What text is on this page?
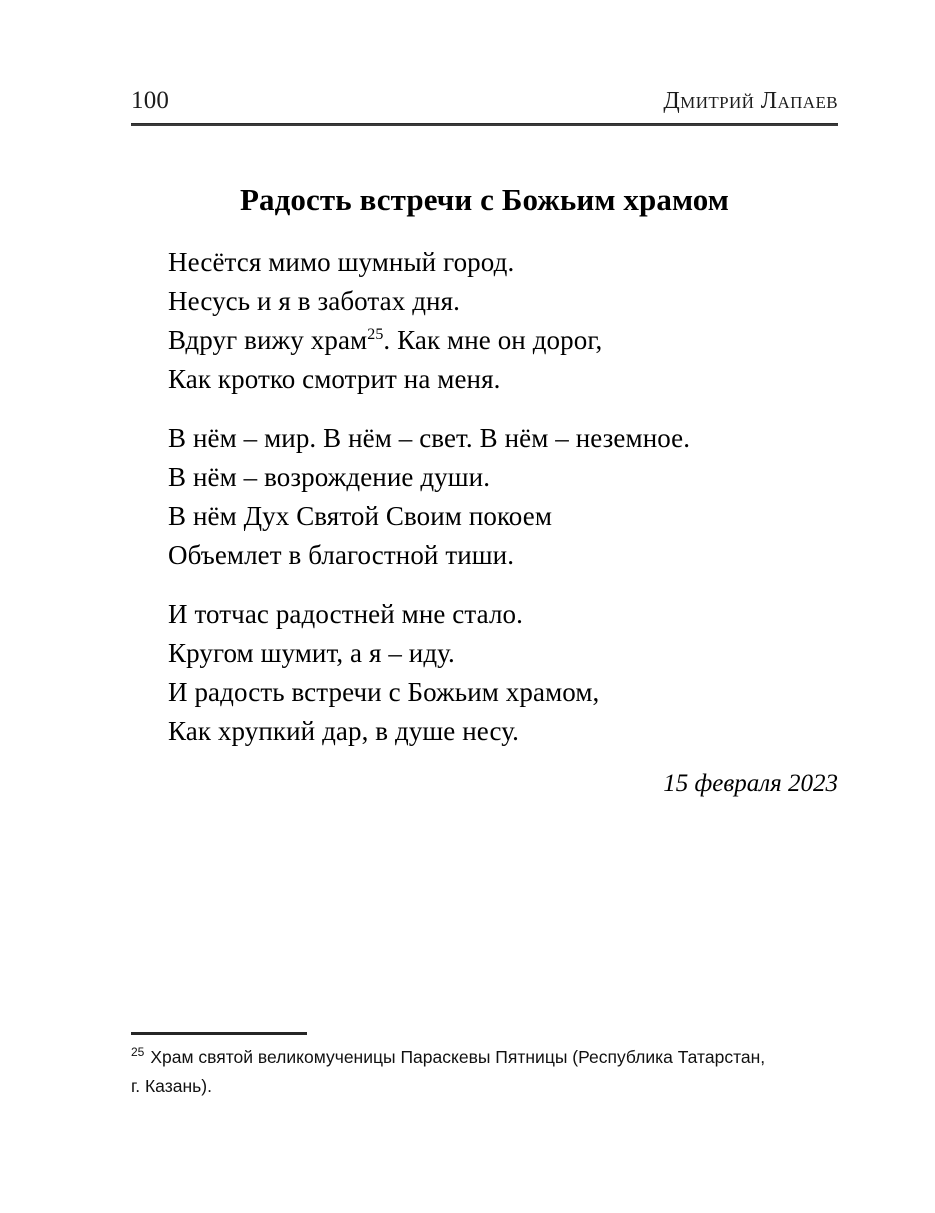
100	Дмитрий Лапаев
Радость встречи с Божьим храмом
Несётся мимо шумный город.
Несусь и я в заботах дня.
Вдруг вижу храм$^{25}$. Как мне он дорог,
Как кротко смотрит на меня.
В нём – мир. В нём – свет. В нём – неземное.
В нём – возрождение души.
В нём Дух Святой Своим покоем
Объемлет в благостной тиши.
И тотчас радостней мне стало.
Кругом шумит, а я – иду.
И радость встречи с Божьим храмом,
Как хрупкий дар, в душе несу.
15 февраля 2023
$^{25}$ Храм святой великомученицы Параскевы Пятницы (Республика Татарстан, г. Казань).
